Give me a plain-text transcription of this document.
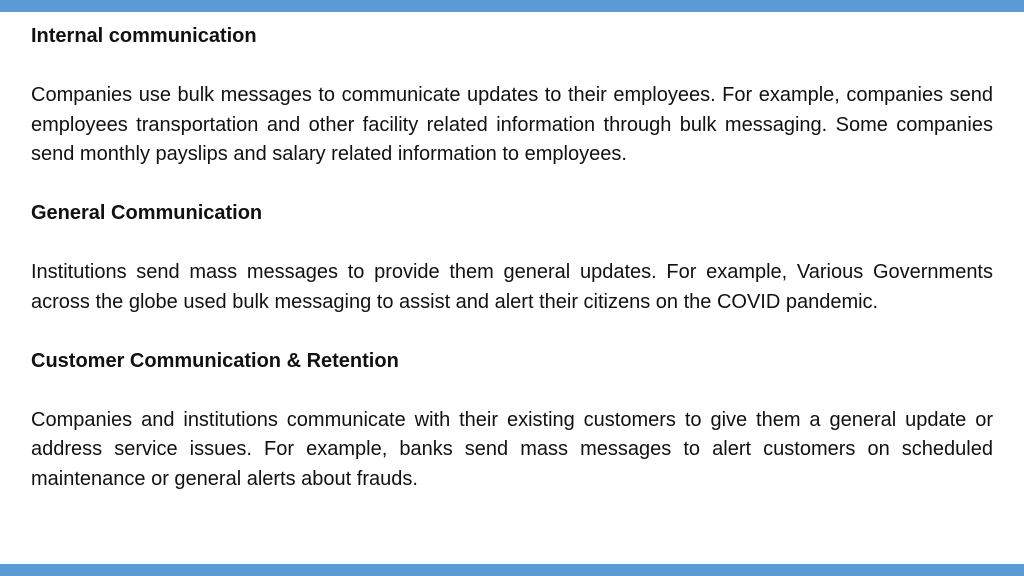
Internal communication

Companies use bulk messages to communicate updates to their employees. For example, companies send employees transportation and other facility related information through bulk messaging. Some companies send monthly payslips and salary related information to employees.

General Communication

Institutions send mass messages to provide them general updates. For example, Various Governments across the globe used bulk messaging to assist and alert their citizens on the COVID pandemic.

Customer Communication & Retention

Companies and institutions communicate with their existing customers to give them a general update or address service issues. For example, banks send mass messages to alert customers on scheduled maintenance or general alerts about frauds.
